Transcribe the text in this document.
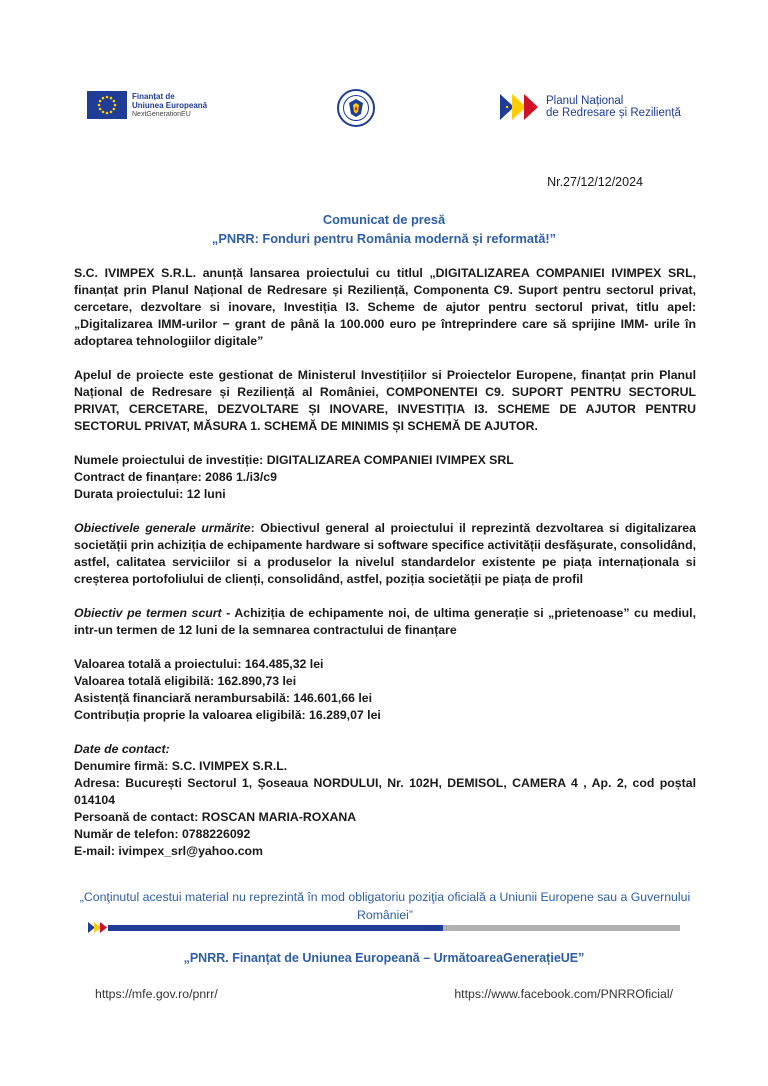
Finanțat de
Uniunea Europeană
NextGenerationEU
Planul Național
de Redresare și Reziliență
Nr.27/12/12/2024
Comunicat de presă
„PNRR: Fonduri pentru România modernă și reformată!”

S.C. IVIMPEX S.R.L. anunță lansarea proiectului cu titlul „DIGITALIZAREA COMPANIEI IVIMPEX SRL, finanțat prin Planul Național de Redresare și Reziliență, Componenta C9. Suport pentru sectorul privat, cercetare, dezvoltare si inovare, Investiția I3. Scheme de ajutor pentru sectorul privat, titlu apel: „Digitalizarea IMM-urilor − grant de până la 100.000 euro pe întreprindere care să sprijine IMM- urile în adoptarea tehnologiilor digitale”

Apelul de proiecte este gestionat de Ministerul Investițiilor si Proiectelor Europene, finanțat prin Planul Național de Redresare și Reziliență al României, COMPONENTEI C9. SUPORT PENTRU SECTORUL PRIVAT, CERCETARE, DEZVOLTARE ȘI INOVARE, INVESTIȚIA I3. SCHEME DE AJUTOR PENTRU SECTORUL PRIVAT, MĂSURA 1. SCHEMĂ DE MINIMIS ȘI SCHEMĂ DE AJUTOR.

Numele proiectului de investiție: DIGITALIZAREA COMPANIEI IVIMPEX SRL

Contract de finanțare: 2086 1./i3/c9

Durata proiectului: 12 luni

Obiectivele generale urmărite: Obiectivul general al proiectului il reprezintă dezvoltarea si digitalizarea societății prin achiziția de echipamente hardware si software specifice activității desfășurate, consolidând, astfel, calitatea serviciilor si a produselor la nivelul standardelor existente pe piața internaționala si creșterea portofoliului de clienți, consolidând, astfel, poziția societății pe piața de profil

Obiectiv pe termen scurt - Achiziția de echipamente noi, de ultima generație si „prietenoase” cu mediul, intr-un termen de 12 luni de la semnarea contractului de finanțare

Valoarea totală a proiectului: 164.485,32 lei

Valoarea totală eligibilă: 162.890,73 lei

Asistență financiară nerambursabilă: 146.601,66 lei

Contribuția proprie la valoarea eligibilă: 16.289,07 lei

Date de contact:

Denumire firmă: S.C. IVIMPEX S.R.L.

Adresa: București Sectorul 1, Șoseaua NORDULUI, Nr. 102H, DEMISOL, CAMERA 4 , Ap. 2, cod poștal 014104

Persoană de contact: ROSCAN MARIA-ROXANA

Număr de telefon: 0788226092

E-mail: ivimpex_srl@yahoo.com

„Conţinutul acestui material nu reprezintă în mod obligatoriu poziţia oficială a Uniunii Europene sau a Guvernului României”
„PNRR. Finanțat de Uniunea Europeană – UrmătoareaGenerațieUE”
https://mfe.gov.ro/pnrr/	https://www.facebook.com/PNRROficial/
